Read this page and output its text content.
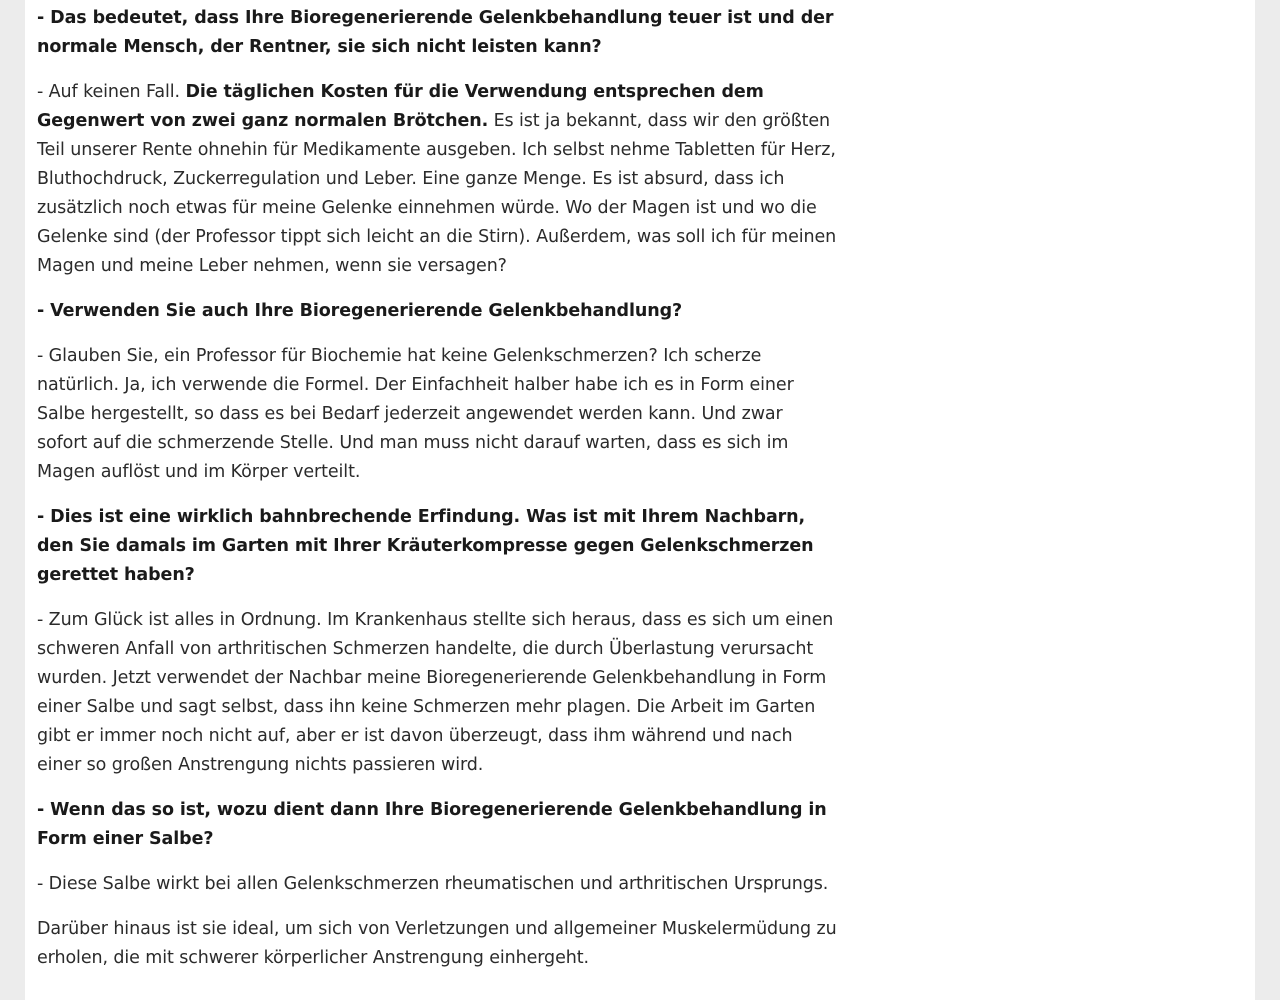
- Das bedeutet, dass Ihre Bioregenerierende Gelenkbehandlung teuer ist und der normale Mensch, der Rentner, sie sich nicht leisten kann?

- Auf keinen Fall. Die täglichen Kosten für die Verwendung entsprechen dem Gegenwert von zwei ganz normalen Brötchen. Es ist ja bekannt, dass wir den größten Teil unserer Rente ohnehin für Medikamente ausgeben. Ich selbst nehme Tabletten für Herz, Bluthochdruck, Zuckerregulation und Leber. Eine ganze Menge. Es ist absurd, dass ich zusätzlich noch etwas für meine Gelenke einnehmen würde. Wo der Magen ist und wo die Gelenke sind (der Professor tippt sich leicht an die Stirn). Außerdem, was soll ich für meinen Magen und meine Leber nehmen, wenn sie versagen?

- Verwenden Sie auch Ihre Bioregenerierende Gelenkbehandlung?

- Glauben Sie, ein Professor für Biochemie hat keine Gelenkschmerzen? Ich scherze natürlich. Ja, ich verwende die Formel. Der Einfachheit halber habe ich es in Form einer Salbe hergestellt, so dass es bei Bedarf jederzeit angewendet werden kann. Und zwar sofort auf die schmerzende Stelle. Und man muss nicht darauf warten, dass es sich im Magen auflöst und im Körper verteilt.

- Dies ist eine wirklich bahnbrechende Erfindung. Was ist mit Ihrem Nachbarn, den Sie damals im Garten mit Ihrer Kräuterkompresse gegen Gelenkschmerzen gerettet haben?

- Zum Glück ist alles in Ordnung. Im Krankenhaus stellte sich heraus, dass es sich um einen schweren Anfall von arthritischen Schmerzen handelte, die durch Überlastung verursacht wurden. Jetzt verwendet der Nachbar meine Bioregenerierende Gelenkbehandlung in Form einer Salbe und sagt selbst, dass ihn keine Schmerzen mehr plagen. Die Arbeit im Garten gibt er immer noch nicht auf, aber er ist davon überzeugt, dass ihm während und nach einer so großen Anstrengung nichts passieren wird.

- Wenn das so ist, wozu dient dann Ihre Bioregenerierende Gelenkbehandlung in Form einer Salbe?

- Diese Salbe wirkt bei allen Gelenkschmerzen rheumatischen und arthritischen Ursprungs.

Darüber hinaus ist sie ideal, um sich von Verletzungen und allgemeiner Muskelermüdung zu erholen, die mit schwerer körperlicher Anstrengung einhergeht.
